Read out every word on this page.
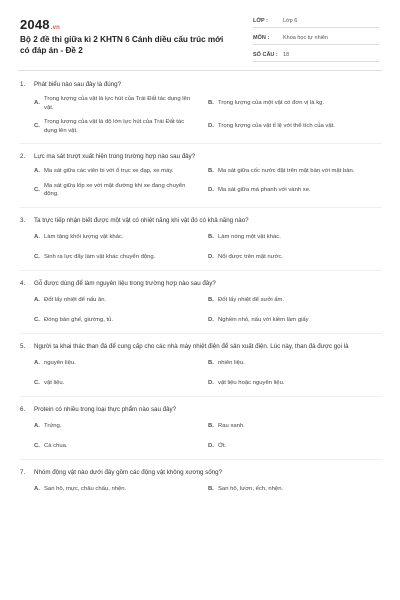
2048.vn
Bộ 2 đề thi giữa kì 2 KHTN 6 Cánh diều cấu trúc mới có đáp án - Đề 2
LỚP :	Lớp 6
MÔN :	Khoa học tự nhiên
SỐ CÂU : 18
1.	Phát biểu nào sau đây là đúng?
A.
Trọng lượng của vật là lực hút của Trái Đất tác dụng lên vật.
B. Trọng lượng của một vật có đơn vị là kg.
C.
Trọng lượng của vật là độ lớn lực hút của Trái Đất tác dụng lên vật.
D. Trọng lượng của vật tỉ lệ với thể tích của vật.
2.	Lực ma sát trượt xuất hiện trong trường hợp nào sau đây?
A. Ma sát giữa các viên bi với ổ trục xe đạp, xe máy.	B. Ma sát giữa cốc nước đặt trên mặt bàn với mặt bàn.
C.
Ma sát giữa lốp xe với mặt đường khi xe đang chuyển động.
D. Ma sát giữa má phanh với vành xe.
3.	Ta trực tiếp nhận biết được một vật có nhiệt năng khi vật đó có khả năng nào?
A. Làm tăng khối lượng vật khác.	B. Làm nóng một vật khác.
C. Sinh ra lực đẩy làm vật khác chuyển động.	D. Nổi được trên mặt nước.
4.	Gỗ được dùng để làm nguyên liệu trong trường hợp nào sau đây?
A. Đốt lấy nhiệt để nấu ăn.	B. Đốt lấy nhiệt để sưởi ấm.
C. Đóng bàn ghế, giường, tủ.	D. Nghiền nhỏ, nấu với kiềm làm giấy
5.	Người ta khai thác than đá để cung cấp cho các nhà máy nhiệt điện để sản xuất điện. Lúc này, than đá được gọi là
A. nguyên liệu.	B. nhiên liệu.
C. vật liệu.	D. vật liệu hoặc nguyên liệu.
6.	Protein có nhiều trong loại thực phẩm nào sau đây?
A. Trứng.	B. Rau xanh.
C. Cà chua.	D. Ớt.
7.	Nhóm động vật nào dưới đây gồm các động vật không xương sống?
A. San hô, mực, châu chấu, nhện.	B. San hô, lươn, ếch, nhện.
